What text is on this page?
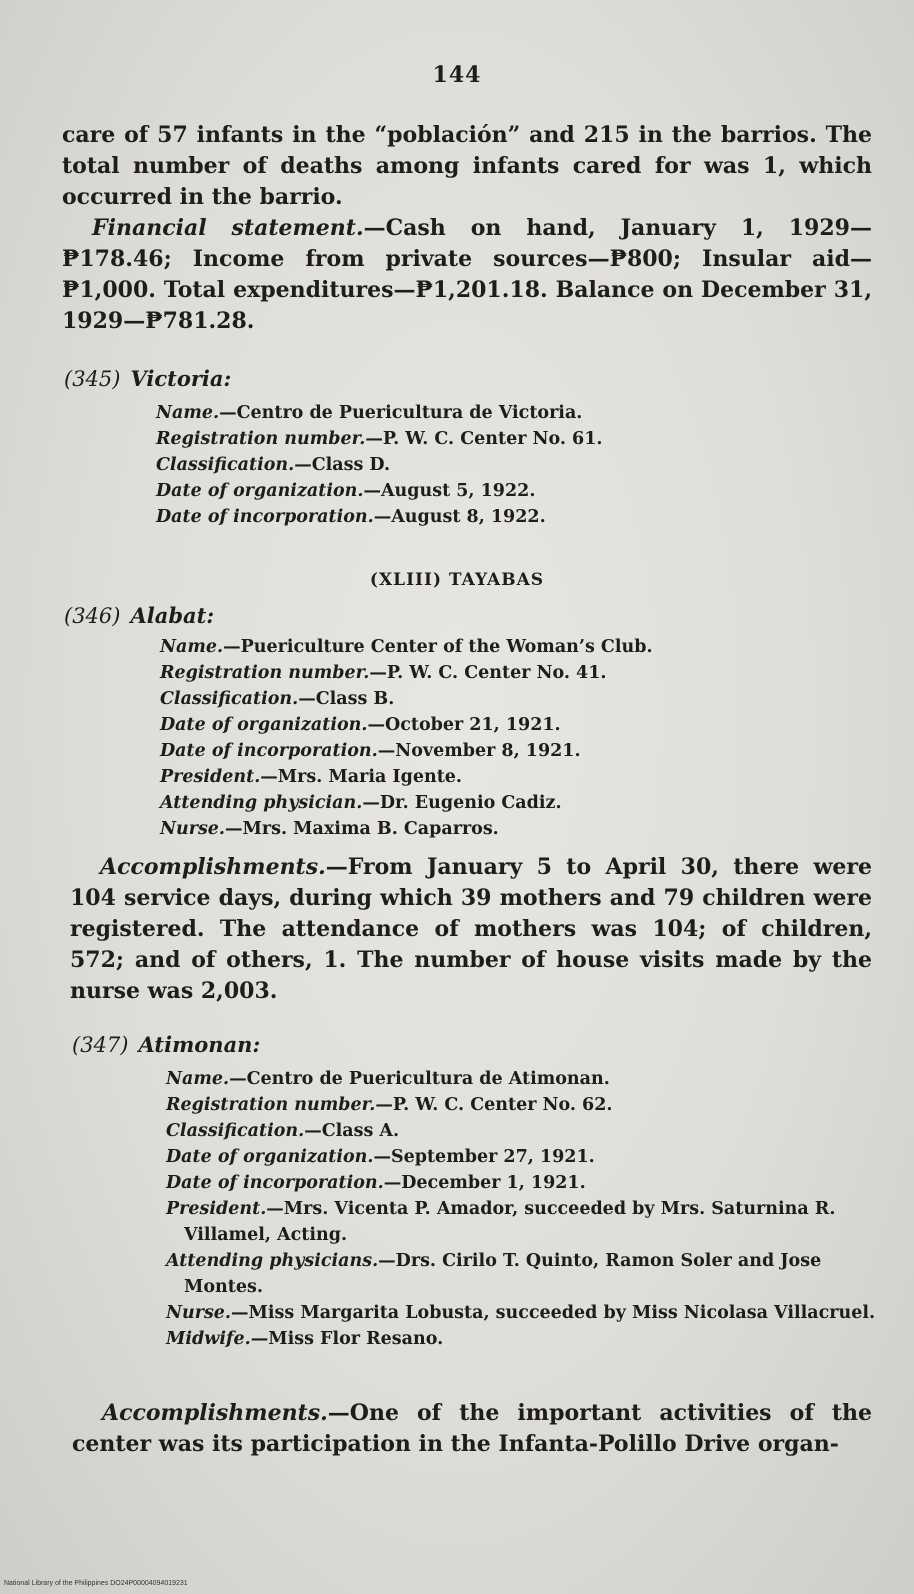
144

care of 57 infants in the “población” and 215 in the barrios. The total number of deaths among infants cared for was 1, which occurred in the barrio.

Financial statement.—Cash on hand, January 1, 1929—₱178.46; Income from private sources—₱800; Insular aid—₱1,000. Total expenditures—₱1,201.18. Balance on December 31, 1929—₱781.28.

(345) Victoria:
Name.—Centro de Puericultura de Victoria.
Registration number.—P. W. C. Center No. 61.
Classification.—Class D.
Date of organization.—August 5, 1922.
Date of incorporation.—August 8, 1922.
(XLIII) TAYABAS
(346) Alabat:
Name.—Puericulture Center of the Woman’s Club.
Registration number.—P. W. C. Center No. 41.
Classification.—Class B.
Date of organization.—October 21, 1921.
Date of incorporation.—November 8, 1921.
President.—Mrs. Maria Igente.
Attending physician.—Dr. Eugenio Cadiz.
Nurse.—Mrs. Maxima B. Caparros.

Accomplishments.—From January 5 to April 30, there were 104 service days, during which 39 mothers and 79 children were registered. The attendance of mothers was 104; of children, 572; and of others, 1. The number of house visits made by the nurse was 2,003.

(347) Atimonan:
Name.—Centro de Puericultura de Atimonan.
Registration number.—P. W. C. Center No. 62.
Classification.—Class A.
Date of organization.—September 27, 1921.
Date of incorporation.—December 1, 1921.
President.—Mrs. Vicenta P. Amador, succeeded by Mrs. Saturnina R. Villamel, Acting.
Attending physicians.—Drs. Cirilo T. Quinto, Ramon Soler and Jose Montes.
Nurse.—Miss Margarita Lobusta, succeeded by Miss Nicolasa Villacruel.
Midwife.—Miss Flor Resano.

Accomplishments.—One of the important activities of the center was its participation in the Infanta-Polillo Drive organ-

National Library of the Philippines DO24P00004094019231
